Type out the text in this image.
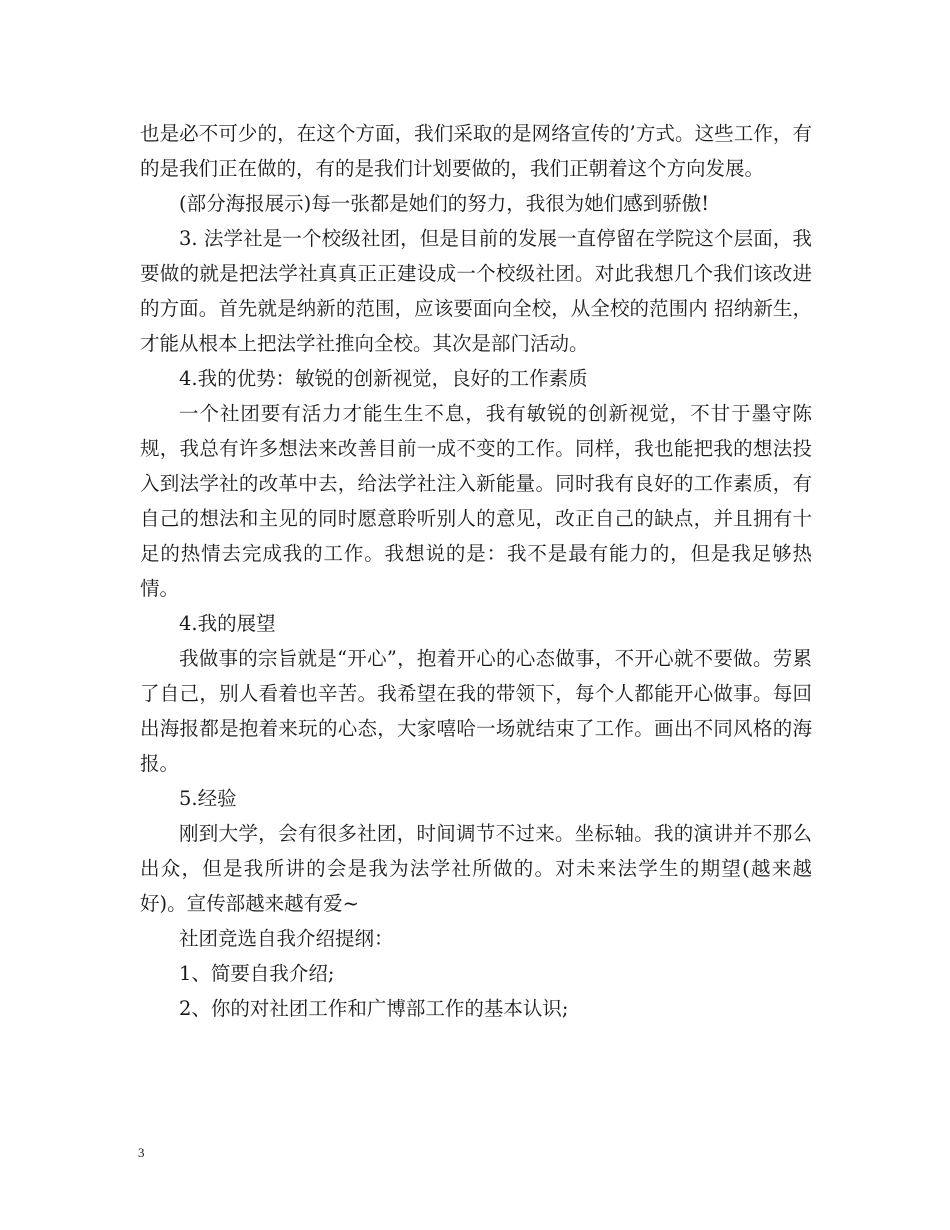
也是必不可少的，在这个方面，我们采取的是网络宣传的’方式。这些工作，有的是我们正在做的，有的是我们计划要做的，我们正朝着这个方向发展。

(部分海报展示)每一张都是她们的努力，我很为她们感到骄傲!

3. 法学社是一个校级社团，但是目前的发展一直停留在学院这个层面，我要做的就是把法学社真真正正建设成一个校级社团。对此我想几个我们该改进的方面。首先就是纳新的范围，应该要面向全校，从全校的范围内 招纳新生，才能从根本上把法学社推向全校。其次是部门活动。

4.我的优势：敏锐的创新视觉，良好的工作素质

一个社团要有活力才能生生不息，我有敏锐的创新视觉，不甘于墨守陈规，我总有许多想法来改善目前一成不变的工作。同样，我也能把我的想法投入到法学社的改革中去，给法学社注入新能量。同时我有良好的工作素质，有自己的想法和主见的同时愿意聆听别人的意见，改正自己的缺点，并且拥有十足的热情去完成我的工作。我想说的是：我不是最有能力的，但是我足够热情。

4.我的展望

我做事的宗旨就是“开心”，抱着开心的心态做事，不开心就不要做。劳累了自己，别人看着也辛苦。我希望在我的带领下，每个人都能开心做事。每回出海报都是抱着来玩的心态，大家嘻哈一场就结束了工作。画出不同风格的海报。

5.经验

刚到大学，会有很多社团，时间调节不过来。坐标轴。我的演讲并不那么出众，但是我所讲的会是我为法学社所做的。对未来法学生的期望(越来越好)。宣传部越来越有爱~

社团竞选自我介绍提纲：

1、简要自我介绍;

2、你的对社团工作和广博部工作的基本认识;

3
